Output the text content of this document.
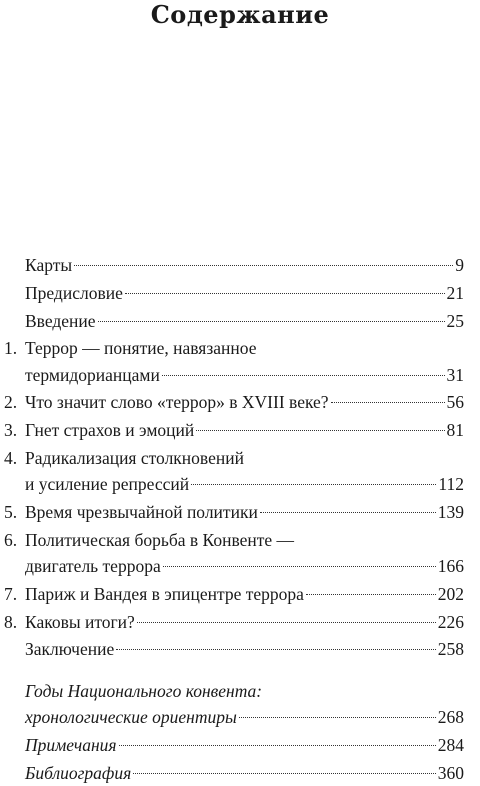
Содержание
Карты	9
Предисловие	21
Введение	25
1. Террор — понятие, навязанное
термидорианцами	31
2. Что значит слово «террор» в XVIII веке?	56
3. Гнет страхов и эмоций	81
4. Радикализация столкновений
и усиление репрессий	112
5. Время чрезвычайной политики	139
6. Политическая борьба в Конвенте —
двигатель террора	166
7. Париж и Вандея в эпицентре террора	202
8. Каковы итоги?	226
Заключение	258
Годы Национального конвента:
хронологические ориентиры	268
Примечания	284
Библиография	360
